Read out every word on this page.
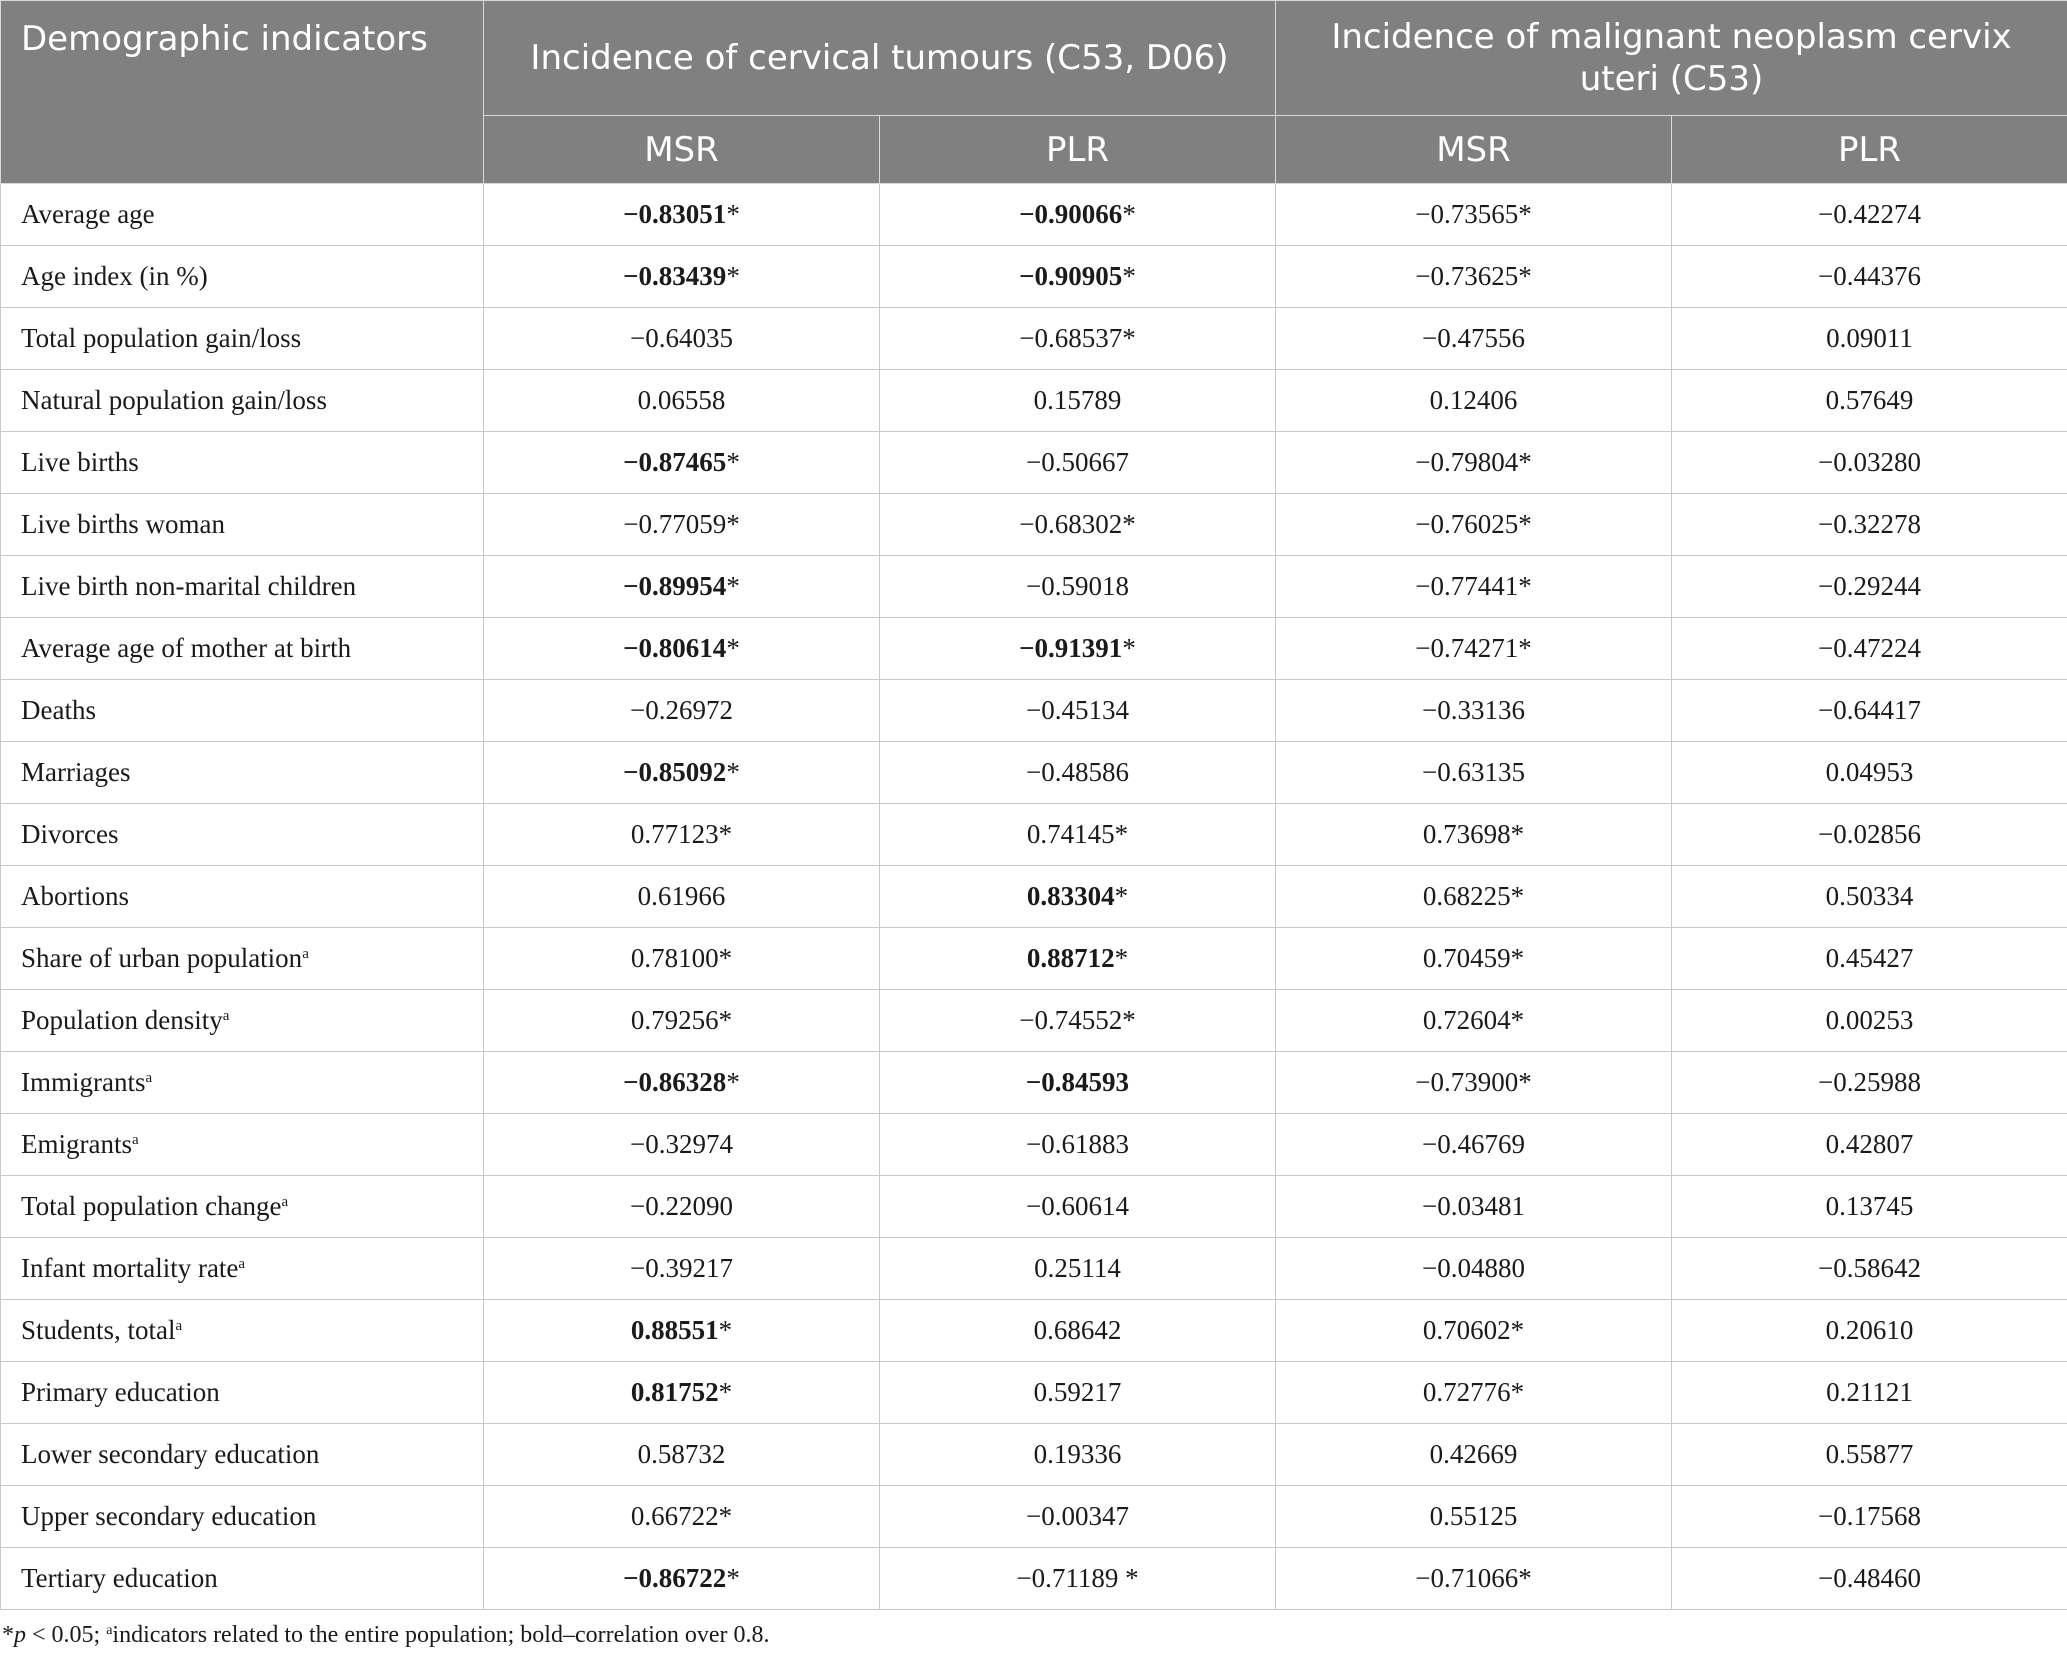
Demographic indicators	Incidence of cervical tumours (C53, D06)		Incidence of malignant neoplasm cervix uteri (C53)	
	MSR	PLR	MSR	PLR
Average age	−0.83051*	−0.90066*	−0.73565*	−0.42274
Age index (in %)	−0.83439*	−0.90905*	−0.73625*	−0.44376
Total population gain/loss	−0.64035	−0.68537*	−0.47556	0.09011
Natural population gain/loss	0.06558	0.15789	0.12406	0.57649
Live births	−0.87465*	−0.50667	−0.79804*	−0.03280
Live births woman	−0.77059*	−0.68302*	−0.76025*	−0.32278
Live birth non-marital children	−0.89954*	−0.59018	−0.77441*	−0.29244
Average age of mother at birth	−0.80614*	−0.91391*	−0.74271*	−0.47224
Deaths	−0.26972	−0.45134	−0.33136	−0.64417
Marriages	−0.85092*	−0.48586	−0.63135	0.04953
Divorces	0.77123*	0.74145*	0.73698*	−0.02856
Abortions	0.61966	0.83304*	0.68225*	0.50334
Share of urban population$^a$	0.78100*	0.88712*	0.70459*	0.45427
Population density$^a$	0.79256*	−0.74552*	0.72604*	0.00253
Immigrants$^a$	−0.86328*	−0.84593	−0.73900*	−0.25988
Emigrants$^a$	−0.32974	−0.61883	−0.46769	0.42807
Total population change$^a$	−0.22090	−0.60614	−0.03481	0.13745
Infant mortality rate$^a$	−0.39217	0.25114	−0.04880	−0.58642
Students, total$^a$	0.88551*	0.68642	0.70602*	0.20610
Primary education	0.81752*	0.59217	0.72776*	0.21121
Lower secondary education	0.58732	0.19336	0.42669	0.55877
Upper secondary education	0.66722*	−0.00347	0.55125	−0.17568
Tertiary education	−0.86722*	−0.71189 *	−0.71066*	−0.48460
*p < 0.05; $^a$indicators related to the entire population; bold–correlation over 0.8.
